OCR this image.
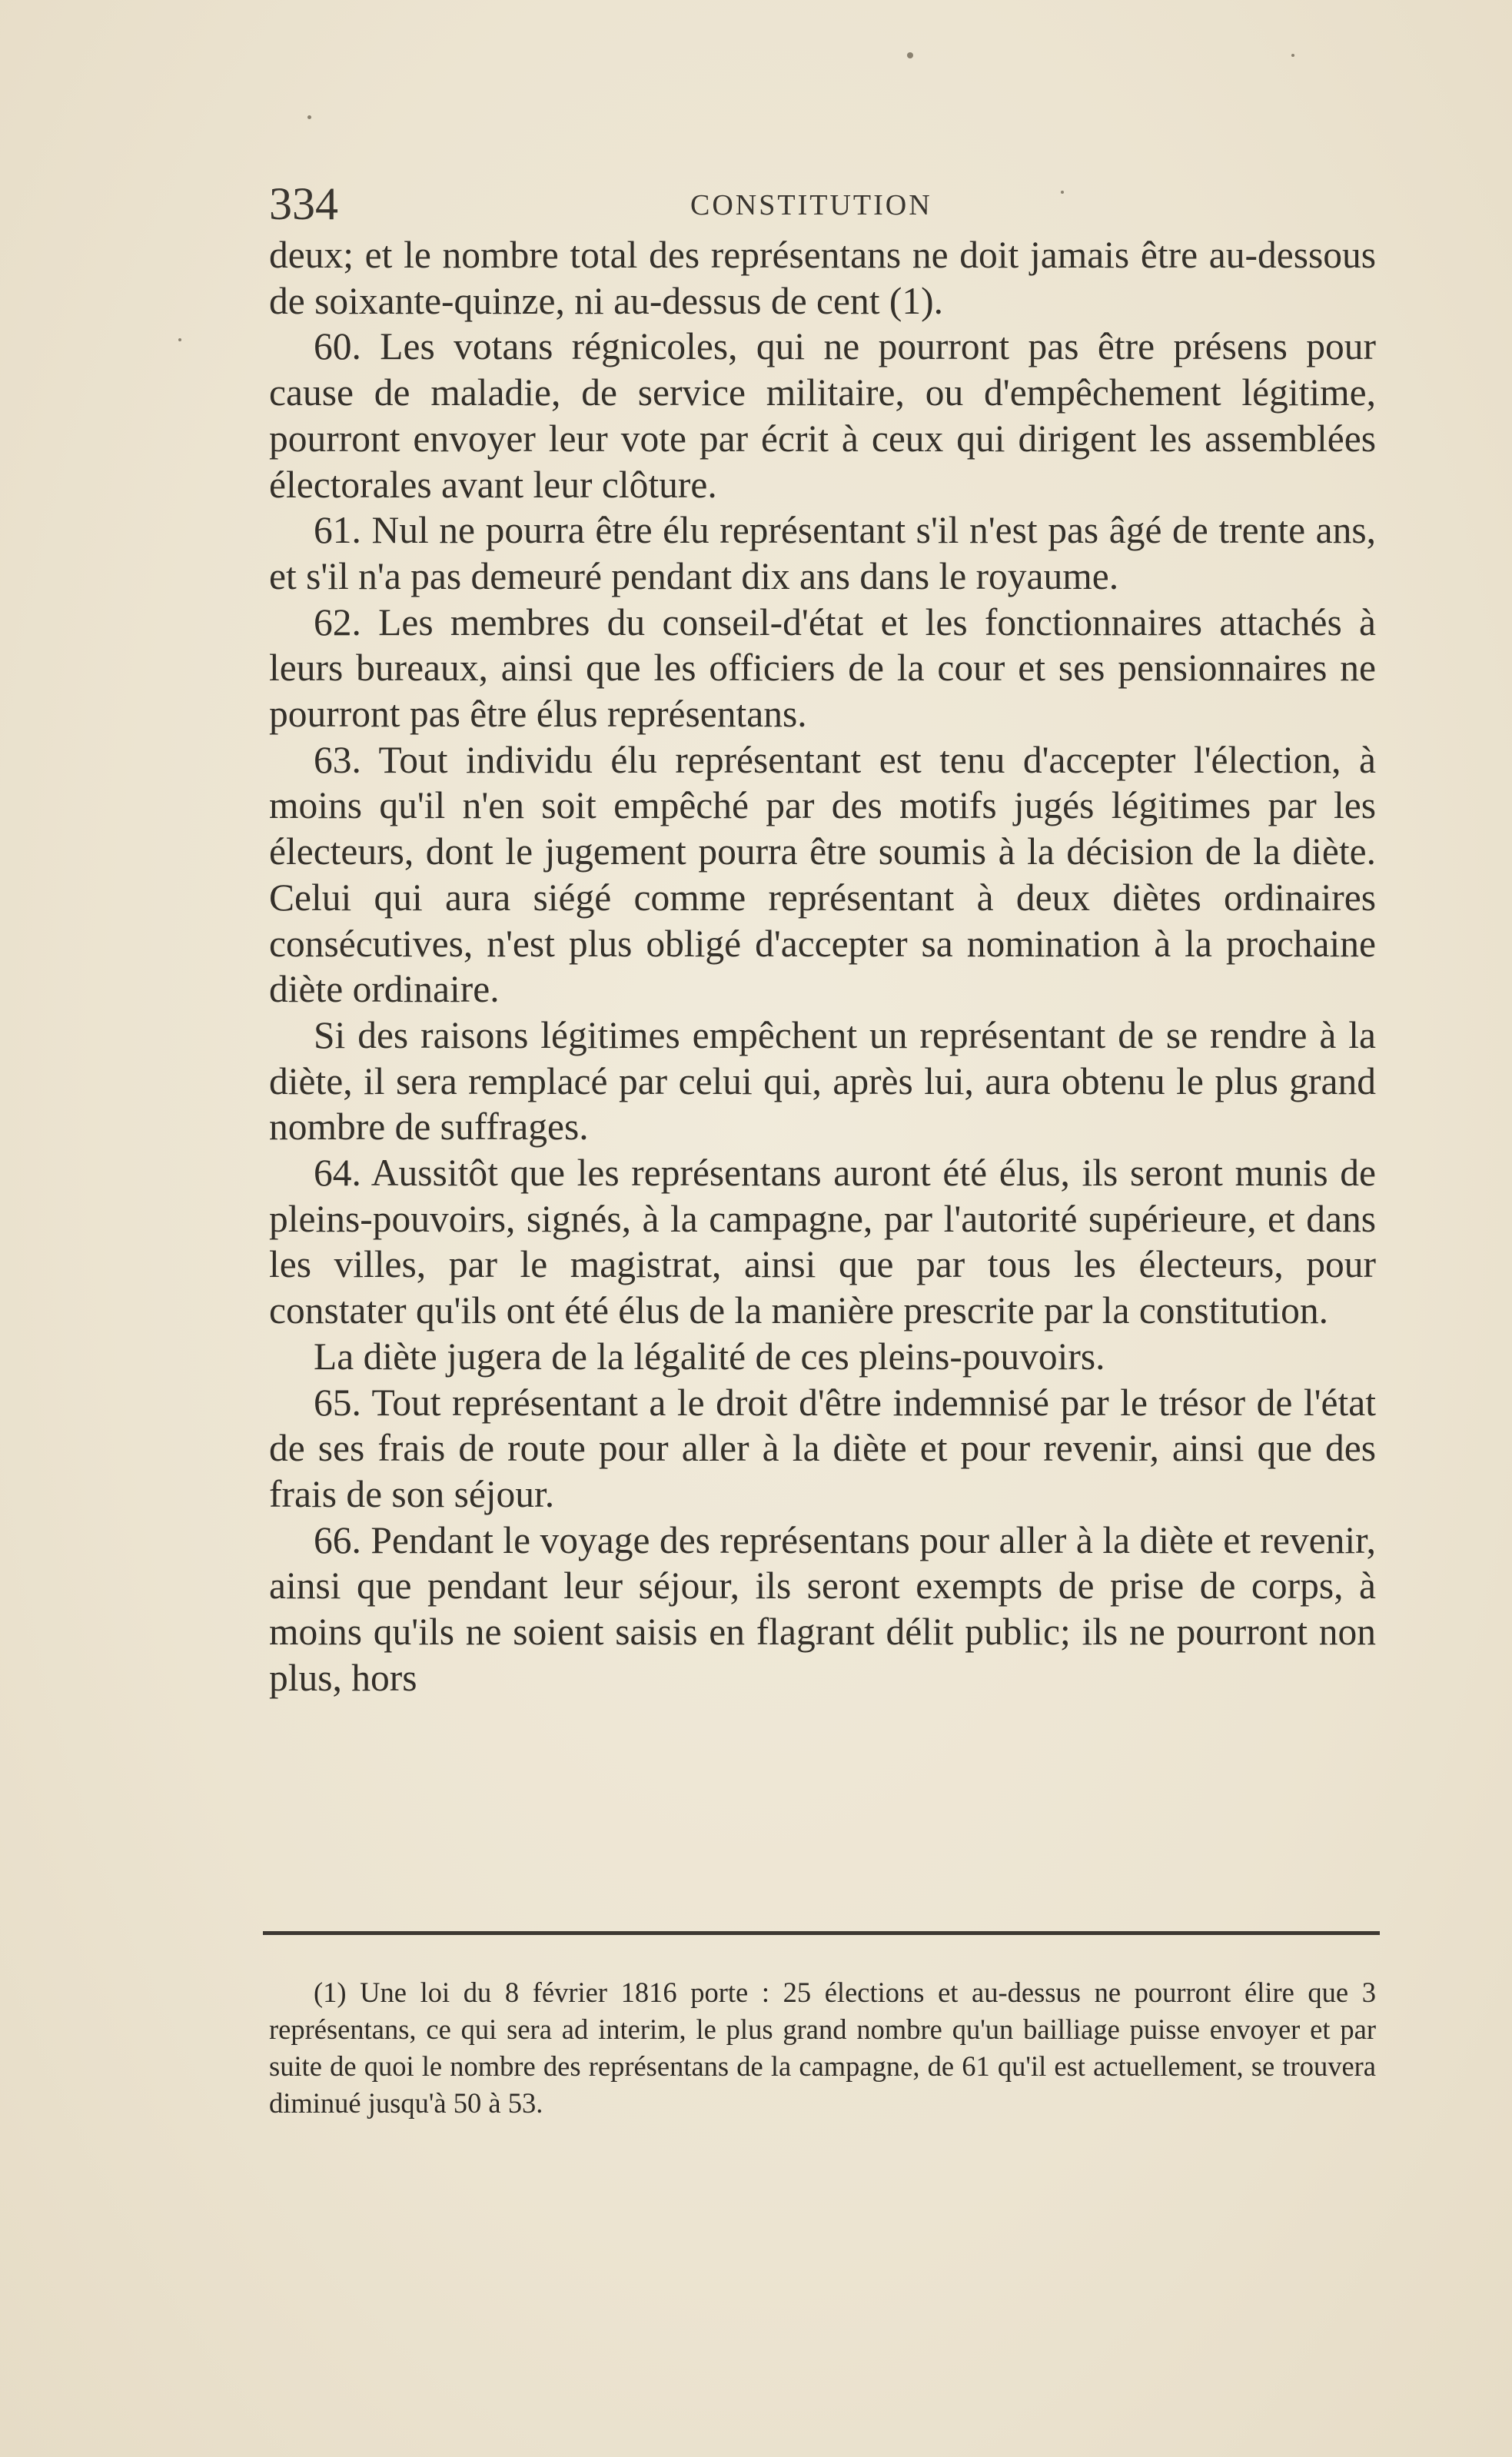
334	CONSTITUTION

deux; et le nombre total des représentans ne doit jamais être au-dessous de soixante-quinze, ni au-dessus de cent (1).

60. Les votans régnicoles, qui ne pourront pas être présens pour cause de maladie, de service militaire, ou d'empêchement légitime, pourront envoyer leur vote par écrit à ceux qui dirigent les assemblées électorales avant leur clôture.

61. Nul ne pourra être élu représentant s'il n'est pas âgé de trente ans, et s'il n'a pas demeuré pendant dix ans dans le royaume.

62. Les membres du conseil-d'état et les fonctionnaires attachés à leurs bureaux, ainsi que les officiers de la cour et ses pensionnaires ne pourront pas être élus représentans.

63. Tout individu élu représentant est tenu d'accepter l'élection, à moins qu'il n'en soit empêché par des motifs jugés légitimes par les électeurs, dont le jugement pourra être soumis à la décision de la diète. Celui qui aura siégé comme représentant à deux diètes ordinaires consécutives, n'est plus obligé d'accepter sa nomination à la prochaine diète ordinaire.

Si des raisons légitimes empêchent un représentant de se rendre à la diète, il sera remplacé par celui qui, après lui, aura obtenu le plus grand nombre de suffrages.

64. Aussitôt que les représentans auront été élus, ils seront munis de pleins-pouvoirs, signés, à la campagne, par l'autorité supérieure, et dans les villes, par le magistrat, ainsi que par tous les électeurs, pour constater qu'ils ont été élus de la manière prescrite par la constitution.

La diète jugera de la légalité de ces pleins-pouvoirs.

65. Tout représentant a le droit d'être indemnisé par le trésor de l'état de ses frais de route pour aller à la diète et pour revenir, ainsi que des frais de son séjour.

66. Pendant le voyage des représentans pour aller à la diète et revenir, ainsi que pendant leur séjour, ils seront exempts de prise de corps, à moins qu'ils ne soient saisis en flagrant délit public; ils ne pourront non plus, hors

(1) Une loi du 8 février 1816 porte : 25 élections et au-dessus ne pourront élire que 3 représentans, ce qui sera ad interim, le plus grand nombre qu'un bailliage puisse envoyer et par suite de quoi le nombre des représentans de la campagne, de 61 qu'il est actuellement, se trouvera diminué jusqu'à 50 à 53.
